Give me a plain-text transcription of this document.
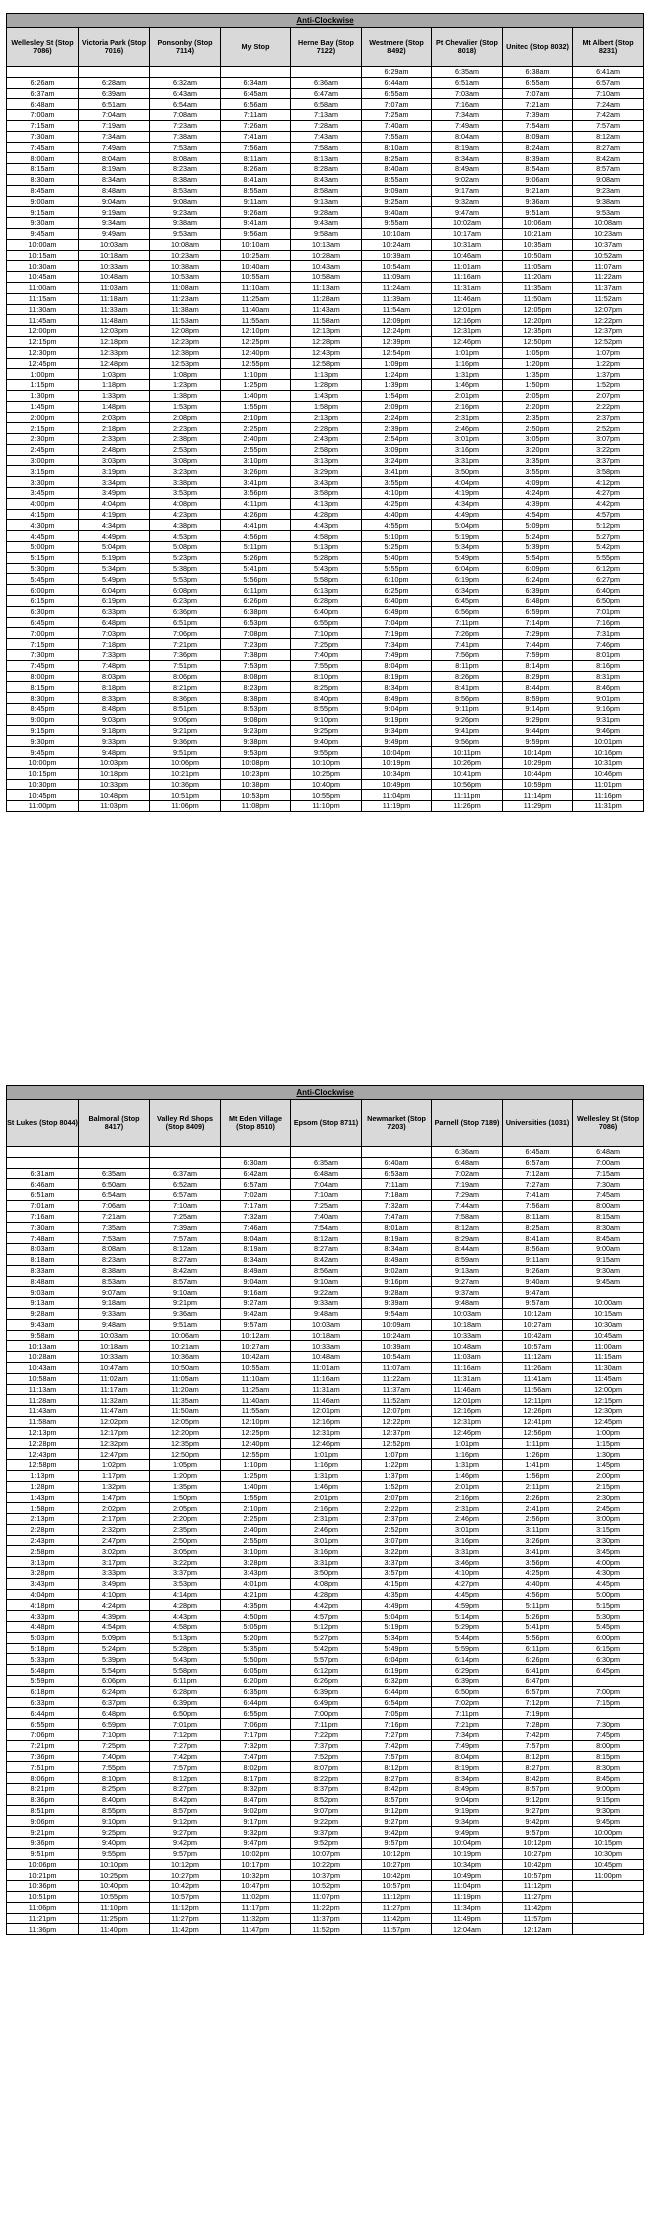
Anti-Clockwise								
Wellesley St (Stop 7086)	Victoria Park (Stop 7016)	Ponsonby (Stop 7114)	My Stop	Herne Bay (Stop 7122)	Westmere (Stop 8492)	Pt Chevalier (Stop 8018)	Unitec (Stop 8032)	Mt Albert (Stop 8231)
					6:29am	6:35am	6:38am	6:41am
6:26am	6:28am	6:32am	6:34am	6:36am	6:44am	6:51am	6:55am	6:57am
6:37am	6:39am	6:43am	6:45am	6:47am	6:55am	7:03am	7:07am	7:10am
6:48am	6:51am	6:54am	6:56am	6:58am	7:07am	7:16am	7:21am	7:24am
7:00am	7:04am	7:08am	7:11am	7:13am	7:25am	7:34am	7:39am	7:42am
7:15am	7:19am	7:23am	7:26am	7:28am	7:40am	7:49am	7:54am	7:57am
7:30am	7:34am	7:38am	7:41am	7:43am	7:55am	8:04am	8:09am	8:12am
7:45am	7:49am	7:53am	7:56am	7:58am	8:10am	8:19am	8:24am	8:27am
8:00am	8:04am	8:08am	8:11am	8:13am	8:25am	8:34am	8:39am	8:42am
8:15am	8:19am	8:23am	8:26am	8:28am	8:40am	8:49am	8:54am	8:57am
8:30am	8:34am	8:38am	8:41am	8:43am	8:55am	9:02am	9:06am	9:08am
8:45am	8:48am	8:53am	8:55am	8:58am	9:09am	9:17am	9:21am	9:23am
9:00am	9:04am	9:08am	9:11am	9:13am	9:25am	9:32am	9:36am	9:38am
9:15am	9:19am	9:23am	9:26am	9:28am	9:40am	9:47am	9:51am	9:53am
9:30am	9:34am	9:38am	9:41am	9:43am	9:55am	10:02am	10:06am	10:08am
9:45am	9:49am	9:53am	9:56am	9:58am	10:10am	10:17am	10:21am	10:23am
10:00am	10:03am	10:08am	10:10am	10:13am	10:24am	10:31am	10:35am	10:37am
10:15am	10:18am	10:23am	10:25am	10:28am	10:39am	10:46am	10:50am	10:52am
10:30am	10:33am	10:38am	10:40am	10:43am	10:54am	11:01am	11:05am	11:07am
10:45am	10:48am	10:53am	10:55am	10:58am	11:09am	11:16am	11:20am	11:22am
11:00am	11:03am	11:08am	11:10am	11:13am	11:24am	11:31am	11:35am	11:37am
11:15am	11:18am	11:23am	11:25am	11:28am	11:39am	11:46am	11:50am	11:52am
11:30am	11:33am	11:38am	11:40am	11:43am	11:54am	12:01pm	12:05pm	12:07pm
11:45am	11:48am	11:53am	11:55am	11:58am	12:09pm	12:16pm	12:20pm	12:22pm
12:00pm	12:03pm	12:08pm	12:10pm	12:13pm	12:24pm	12:31pm	12:35pm	12:37pm
12:15pm	12:18pm	12:23pm	12:25pm	12:28pm	12:39pm	12:46pm	12:50pm	12:52pm
12:30pm	12:33pm	12:38pm	12:40pm	12:43pm	12:54pm	1:01pm	1:05pm	1:07pm
12:45pm	12:48pm	12:53pm	12:55pm	12:58pm	1:09pm	1:16pm	1:20pm	1:22pm
1:00pm	1:03pm	1:08pm	1:10pm	1:13pm	1:24pm	1:31pm	1:35pm	1:37pm
1:15pm	1:18pm	1:23pm	1:25pm	1:28pm	1:39pm	1:46pm	1:50pm	1:52pm
1:30pm	1:33pm	1:38pm	1:40pm	1:43pm	1:54pm	2:01pm	2:05pm	2:07pm
1:45pm	1:48pm	1:53pm	1:55pm	1:58pm	2:09pm	2:16pm	2:20pm	2:22pm
2:00pm	2:03pm	2:08pm	2:10pm	2:13pm	2:24pm	2:31pm	2:35pm	2:37pm
2:15pm	2:18pm	2:23pm	2:25pm	2:28pm	2:39pm	2:46pm	2:50pm	2:52pm
2:30pm	2:33pm	2:38pm	2:40pm	2:43pm	2:54pm	3:01pm	3:05pm	3:07pm
2:45pm	2:48pm	2:53pm	2:55pm	2:58pm	3:09pm	3:16pm	3:20pm	3:22pm
3:00pm	3:03pm	3:08pm	3:10pm	3:13pm	3:24pm	3:31pm	3:35pm	3:37pm
3:15pm	3:19pm	3:23pm	3:26pm	3:29pm	3:41pm	3:50pm	3:55pm	3:58pm
3:30pm	3:34pm	3:38pm	3:41pm	3:43pm	3:55pm	4:04pm	4:09pm	4:12pm
3:45pm	3:49pm	3:53pm	3:56pm	3:58pm	4:10pm	4:19pm	4:24pm	4:27pm
4:00pm	4:04pm	4:08pm	4:11pm	4:13pm	4:25pm	4:34pm	4:39pm	4:42pm
4:15pm	4:19pm	4:23pm	4:26pm	4:28pm	4:40pm	4:49pm	4:54pm	4:57pm
4:30pm	4:34pm	4:38pm	4:41pm	4:43pm	4:55pm	5:04pm	5:09pm	5:12pm
4:45pm	4:49pm	4:53pm	4:56pm	4:58pm	5:10pm	5:19pm	5:24pm	5:27pm
5:00pm	5:04pm	5:08pm	5:11pm	5:13pm	5:25pm	5:34pm	5:39pm	5:42pm
5:15pm	5:19pm	5:23pm	5:26pm	5:28pm	5:40pm	5:49pm	5:54pm	5:55pm
5:30pm	5:34pm	5:38pm	5:41pm	5:43pm	5:55pm	6:04pm	6:09pm	6:12pm
5:45pm	5:49pm	5:53pm	5:56pm	5:58pm	6:10pm	6:19pm	6:24pm	6:27pm
6:00pm	6:04pm	6:08pm	6:11pm	6:13pm	6:25pm	6:34pm	6:39pm	6:40pm
6:15pm	6:19pm	6:23pm	6:26pm	6:28pm	6:40pm	6:45pm	6:48pm	6:50pm
6:30pm	6:33pm	6:36pm	6:38pm	6:40pm	6:49pm	6:56pm	6:59pm	7:01pm
6:45pm	6:48pm	6:51pm	6:53pm	6:55pm	7:04pm	7:11pm	7:14pm	7:16pm
7:00pm	7:03pm	7:06pm	7:08pm	7:10pm	7:19pm	7:26pm	7:29pm	7:31pm
7:15pm	7:18pm	7:21pm	7:23pm	7:25pm	7:34pm	7:41pm	7:44pm	7:46pm
7:30pm	7:33pm	7:36pm	7:38pm	7:40pm	7:49pm	7:56pm	7:59pm	8:01pm
7:45pm	7:48pm	7:51pm	7:53pm	7:55pm	8:04pm	8:11pm	8:14pm	8:16pm
8:00pm	8:03pm	8:06pm	8:08pm	8:10pm	8:19pm	8:26pm	8:29pm	8:31pm
8:15pm	8:18pm	8:21pm	8:23pm	8:25pm	8:34pm	8:41pm	8:44pm	8:46pm
8:30pm	8:33pm	8:36pm	8:38pm	8:40pm	8:49pm	8:56pm	8:59pm	9:01pm
8:45pm	8:48pm	8:51pm	8:53pm	8:55pm	9:04pm	9:11pm	9:14pm	9:16pm
9:00pm	9:03pm	9:06pm	9:08pm	9:10pm	9:19pm	9:26pm	9:29pm	9:31pm
9:15pm	9:18pm	9:21pm	9:23pm	9:25pm	9:34pm	9:41pm	9:44pm	9:46pm
9:30pm	9:33pm	9:36pm	9:38pm	9:40pm	9:49pm	9:56pm	9:59pm	10:01pm
9:45pm	9:48pm	9:51pm	9:53pm	9:55pm	10:04pm	10:11pm	10:14pm	10:16pm
10:00pm	10:03pm	10:06pm	10:08pm	10:10pm	10:19pm	10:26pm	10:29pm	10:31pm
10:15pm	10:18pm	10:21pm	10:23pm	10:25pm	10:34pm	10:41pm	10:44pm	10:46pm
10:30pm	10:33pm	10:36pm	10:38pm	10:40pm	10:49pm	10:56pm	10:59pm	11:01pm
10:45pm	10:48pm	10:51pm	10:53pm	10:55pm	11:04pm	11:11pm	11:14pm	11:16pm
11:00pm	11:03pm	11:06pm	11:08pm	11:10pm	11:19pm	11:26pm	11:29pm	11:31pm
Anti-Clockwise								
St Lukes (Stop 8044)	Balmoral (Stop 8417)	Valley Rd Shops (Stop 8409)	Mt Eden Village (Stop 8510)	Epsom (Stop 8711)	Newmarket (Stop 7203)	Parnell (Stop 7189)	Universities (1031)	Wellesley St (Stop 7086)
						6:36am	6:45am	6:48am
			6:30am	6:35am	6:40am	6:48am	6:57am	7:00am
6:31am	6:35am	6:37am	6:42am	6:48am	6:53am	7:02am	7:12am	7:15am
6:46am	6:50am	6:52am	6:57am	7:04am	7:11am	7:19am	7:27am	7:30am
6:51am	6:54am	6:57am	7:02am	7:10am	7:18am	7:29am	7:41am	7:45am
7:01am	7:06am	7:10am	7:17am	7:25am	7:32am	7:44am	7:56am	8:00am
7:16am	7:21am	7:25am	7:32am	7:40am	7:47am	7:58am	8:11am	8:15am
7:30am	7:35am	7:39am	7:46am	7:54am	8:01am	8:12am	8:25am	8:30am
7:48am	7:53am	7:57am	8:04am	8:12am	8:19am	8:29am	8:41am	8:45am
8:03am	8:08am	8:12am	8:19am	8:27am	8:34am	8:44am	8:56am	9:00am
8:18am	8:23am	8:27am	8:34am	8:42am	8:49am	8:59am	9:11am	9:15am
8:33am	8:38am	8:42am	8:49am	8:56am	9:02am	9:13am	9:26am	9:30am
8:48am	8:53am	8:57am	9:04am	9:10am	9:16pm	9:27am	9:40am	9:45am
9:03am	9:07am	9:10am	9:16am	9:22am	9:28am	9:37am	9:47am	
9:13am	9:18am	9:21pm	9:27am	9:33am	9:39am	9:48am	9:57am	10:00am
9:28am	9:33am	9:36am	9:42am	9:48am	9:54am	10:03am	10:12am	10:15am
9:43am	9:48am	9:51am	9:57am	10:03am	10:09am	10:18am	10:27am	10:30am
9:58am	10:03am	10:06am	10:12am	10:18am	10:24am	10:33am	10:42am	10:45am
10:13am	10:18am	10:21am	10:27am	10:33am	10:39am	10:48am	10:57am	11:00am
10:28am	10:33am	10:36am	10:42am	10:48am	10:54am	11:03am	11:12am	11:15am
10:43am	10:47am	10:50am	10:55am	11:01am	11:07am	11:16am	11:26am	11:30am
10:58am	11:02am	11:05am	11:10am	11:16am	11:22am	11:31am	11:41am	11:45am
11:13am	11:17am	11:20am	11:25am	11:31am	11:37am	11:46am	11:56am	12:00pm
11:28am	11:32am	11:35am	11:40am	11:46am	11:52am	12:01pm	12:11pm	12:15pm
11:43am	11:47am	11:50am	11:55am	12:01pm	12:07pm	12:16pm	12:26pm	12:30pm
11:58am	12:02pm	12:05pm	12:10pm	12:16pm	12:22pm	12:31pm	12:41pm	12:45pm
12:13pm	12:17pm	12:20pm	12:25pm	12:31pm	12:37pm	12:46pm	12:56pm	1:00pm
12:28pm	12:32pm	12:35pm	12:40pm	12:46pm	12:52pm	1:01pm	1:11pm	1:15pm
12:43pm	12:47pm	12:50pm	12:55pm	1:01pm	1:07pm	1:16pm	1:26pm	1:30pm
12:58pm	1:02pm	1:05pm	1:10pm	1:16pm	1:22pm	1:31pm	1:41pm	1:45pm
1:13pm	1:17pm	1:20pm	1:25pm	1:31pm	1:37pm	1:46pm	1:56pm	2:00pm
1:28pm	1:32pm	1:35pm	1:40pm	1:46pm	1:52pm	2:01pm	2:11pm	2:15pm
1:43pm	1:47pm	1:50pm	1:55pm	2:01pm	2:07pm	2:16pm	2:26pm	2:30pm
1:58pm	2:02pm	2:05pm	2:10pm	2:16pm	2:22pm	2:31pm	2:41pm	2:45pm
2:13pm	2:17pm	2:20pm	2:25pm	2:31pm	2:37pm	2:46pm	2:56pm	3:00pm
2:28pm	2:32pm	2:35pm	2:40pm	2:46pm	2:52pm	3:01pm	3:11pm	3:15pm
2:43pm	2:47pm	2:50pm	2:55pm	3:01pm	3:07pm	3:16pm	3:26pm	3:30pm
2:58pm	3:02pm	3:05pm	3:10pm	3:16pm	3:22pm	3:31pm	3:41pm	3:45pm
3:13pm	3:17pm	3:22pm	3:28pm	3:31pm	3:37pm	3:46pm	3:56pm	4:00pm
3:28pm	3:33pm	3:37pm	3:43pm	3:50pm	3:57pm	4:10pm	4:25pm	4:30pm
3:43pm	3:49pm	3:53pm	4:01pm	4:08pm	4:15pm	4:27pm	4:40pm	4:45pm
4:04pm	4:10pm	4:14pm	4:21pm	4:28pm	4:35pm	4:45pm	4:56pm	5:00pm
4:18pm	4:24pm	4:28pm	4:35pm	4:42pm	4:49pm	4:59pm	5:11pm	5:15pm
4:33pm	4:39pm	4:43pm	4:50pm	4:57pm	5:04pm	5:14pm	5:26pm	5:30pm
4:48pm	4:54pm	4:58pm	5:05pm	5:12pm	5:19pm	5:29pm	5:41pm	5:45pm
5:03pm	5:09pm	5:13pm	5:20pm	5:27pm	5:34pm	5:44pm	5:56pm	6:00pm
5:18pm	5:24pm	5:28pm	5:35pm	5:42pm	5:49pm	5:59pm	6:11pm	6:15pm
5:33pm	5:39pm	5:43pm	5:50pm	5:57pm	6:04pm	6:14pm	6:26pm	6:30pm
5:48pm	5:54pm	5:58pm	6:05pm	6:12pm	6:19pm	6:29pm	6:41pm	6:45pm
5:59pm	6:06pm	6:11pm	6:20pm	6:26pm	6:32pm	6:39pm	6:47pm	
6:18pm	6:24pm	6:28pm	6:35pm	6:39pm	6:44pm	6:50pm	6:57pm	7:00pm
6:33pm	6:37pm	6:39pm	6:44pm	6:49pm	6:54pm	7:02pm	7:12pm	7:15pm
6:44pm	6:48pm	6:50pm	6:55pm	7:00pm	7:05pm	7:11pm	7:19pm	
6:55pm	6:59pm	7:01pm	7:06pm	7:11pm	7:16pm	7:21pm	7:28pm	7:30pm
7:06pm	7:10pm	7:12pm	7:17pm	7:22pm	7:27pm	7:34pm	7:42pm	7:45pm
7:21pm	7:25pm	7:27pm	7:32pm	7:37pm	7:42pm	7:49pm	7:57pm	8:00pm
7:36pm	7:40pm	7:42pm	7:47pm	7:52pm	7:57pm	8:04pm	8:12pm	8:15pm
7:51pm	7:55pm	7:57pm	8:02pm	8:07pm	8:12pm	8:19pm	8:27pm	8:30pm
8:06pm	8:10pm	8:12pm	8:17pm	8:22pm	8:27pm	8:34pm	8:42pm	8:45pm
8:21pm	8:25pm	8:27pm	8:32pm	8:37pm	8:42pm	8:49pm	8:57pm	9:00pm
8:36pm	8:40pm	8:42pm	8:47pm	8:52pm	8:57pm	9:04pm	9:12pm	9:15pm
8:51pm	8:55pm	8:57pm	9:02pm	9:07pm	9:12pm	9:19pm	9:27pm	9:30pm
9:06pm	9:10pm	9:12pm	9:17pm	9:22pm	9:27pm	9:34pm	9:42pm	9:45pm
9:21pm	9:25pm	9:27pm	9:32pm	9:37pm	9:42pm	9:49pm	9:57pm	10:00pm
9:36pm	9:40pm	9:42pm	9:47pm	9:52pm	9:57pm	10:04pm	10:12pm	10:15pm
9:51pm	9:55pm	9:57pm	10:02pm	10:07pm	10:12pm	10:19pm	10:27pm	10:30pm
10:06pm	10:10pm	10:12pm	10:17pm	10:22pm	10:27pm	10:34pm	10:42pm	10:45pm
10:21pm	10:25pm	10:27pm	10:32pm	10:37pm	10:42pm	10:49pm	10:57pm	11:00pm
10:36pm	10:40pm	10:42pm	10:47pm	10:52pm	10:57pm	11:04pm	11:12pm	
10:51pm	10:55pm	10:57pm	11:02pm	11:07pm	11:12pm	11:19pm	11:27pm	
11:06pm	11:10pm	11:12pm	11:17pm	11:22pm	11:27pm	11:34pm	11:42pm	
11:21pm	11:25pm	11:27pm	11:32pm	11:37pm	11:42pm	11:49pm	11:57pm	
11:36pm	11:40pm	11:42pm	11:47pm	11:52pm	11:57pm	12:04am	12:12am	
